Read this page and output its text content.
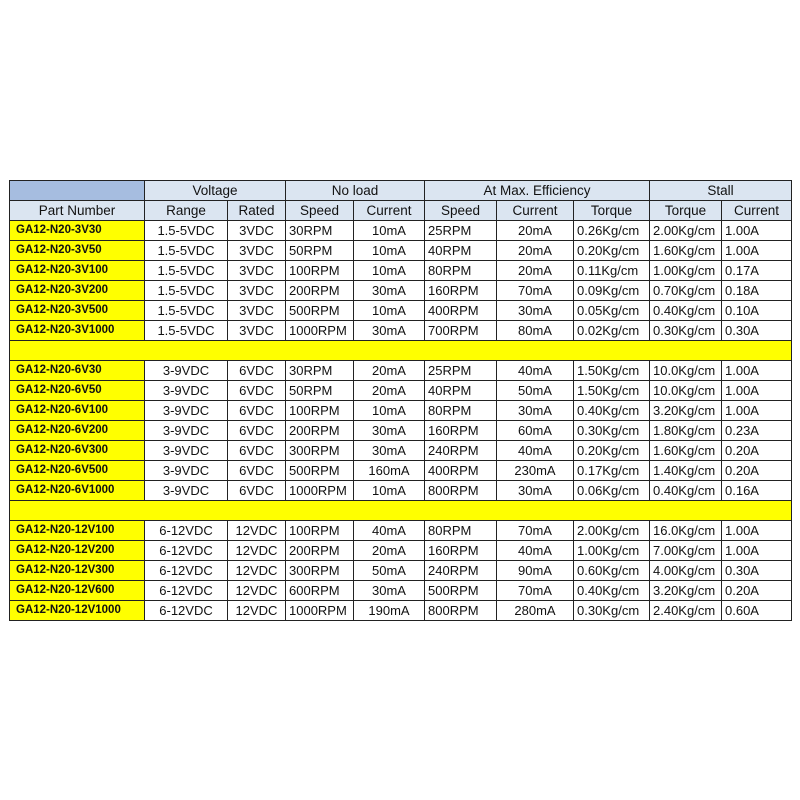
	Voltage		No load		At Max. Efficiency			Stall	
Part Number	Range	Rated	Speed	Current	Speed	Current	Torque	Torque	Current
GA12-N20-3V30	1.5-5VDC	3VDC	30RPM	10mA	25RPM	20mA	0.26Kg/cm	2.00Kg/cm	1.00A
GA12-N20-3V50	1.5-5VDC	3VDC	50RPM	10mA	40RPM	20mA	0.20Kg/cm	1.60Kg/cm	1.00A
GA12-N20-3V100	1.5-5VDC	3VDC	100RPM	10mA	80RPM	20mA	0.11Kg/cm	1.00Kg/cm	0.17A
GA12-N20-3V200	1.5-5VDC	3VDC	200RPM	30mA	160RPM	70mA	0.09Kg/cm	0.70Kg/cm	0.18A
GA12-N20-3V500	1.5-5VDC	3VDC	500RPM	10mA	400RPM	30mA	0.05Kg/cm	0.40Kg/cm	0.10A
GA12-N20-3V1000	1.5-5VDC	3VDC	1000RPM	30mA	700RPM	80mA	0.02Kg/cm	0.30Kg/cm	0.30A

GA12-N20-6V30	3-9VDC	6VDC	30RPM	20mA	25RPM	40mA	1.50Kg/cm	10.0Kg/cm	1.00A
GA12-N20-6V50	3-9VDC	6VDC	50RPM	20mA	40RPM	50mA	1.50Kg/cm	10.0Kg/cm	1.00A
GA12-N20-6V100	3-9VDC	6VDC	100RPM	10mA	80RPM	30mA	0.40Kg/cm	3.20Kg/cm	1.00A
GA12-N20-6V200	3-9VDC	6VDC	200RPM	30mA	160RPM	60mA	0.30Kg/cm	1.80Kg/cm	0.23A
GA12-N20-6V300	3-9VDC	6VDC	300RPM	30mA	240RPM	40mA	0.20Kg/cm	1.60Kg/cm	0.20A
GA12-N20-6V500	3-9VDC	6VDC	500RPM	160mA	400RPM	230mA	0.17Kg/cm	1.40Kg/cm	0.20A
GA12-N20-6V1000	3-9VDC	6VDC	1000RPM	10mA	800RPM	30mA	0.06Kg/cm	0.40Kg/cm	0.16A

GA12-N20-12V100	6-12VDC	12VDC	100RPM	40mA	80RPM	70mA	2.00Kg/cm	16.0Kg/cm	1.00A
GA12-N20-12V200	6-12VDC	12VDC	200RPM	20mA	160RPM	40mA	1.00Kg/cm	7.00Kg/cm	1.00A
GA12-N20-12V300	6-12VDC	12VDC	300RPM	50mA	240RPM	90mA	0.60Kg/cm	4.00Kg/cm	0.30A
GA12-N20-12V600	6-12VDC	12VDC	600RPM	30mA	500RPM	70mA	0.40Kg/cm	3.20Kg/cm	0.20A
GA12-N20-12V1000	6-12VDC	12VDC	1000RPM	190mA	800RPM	280mA	0.30Kg/cm	2.40Kg/cm	0.60A
